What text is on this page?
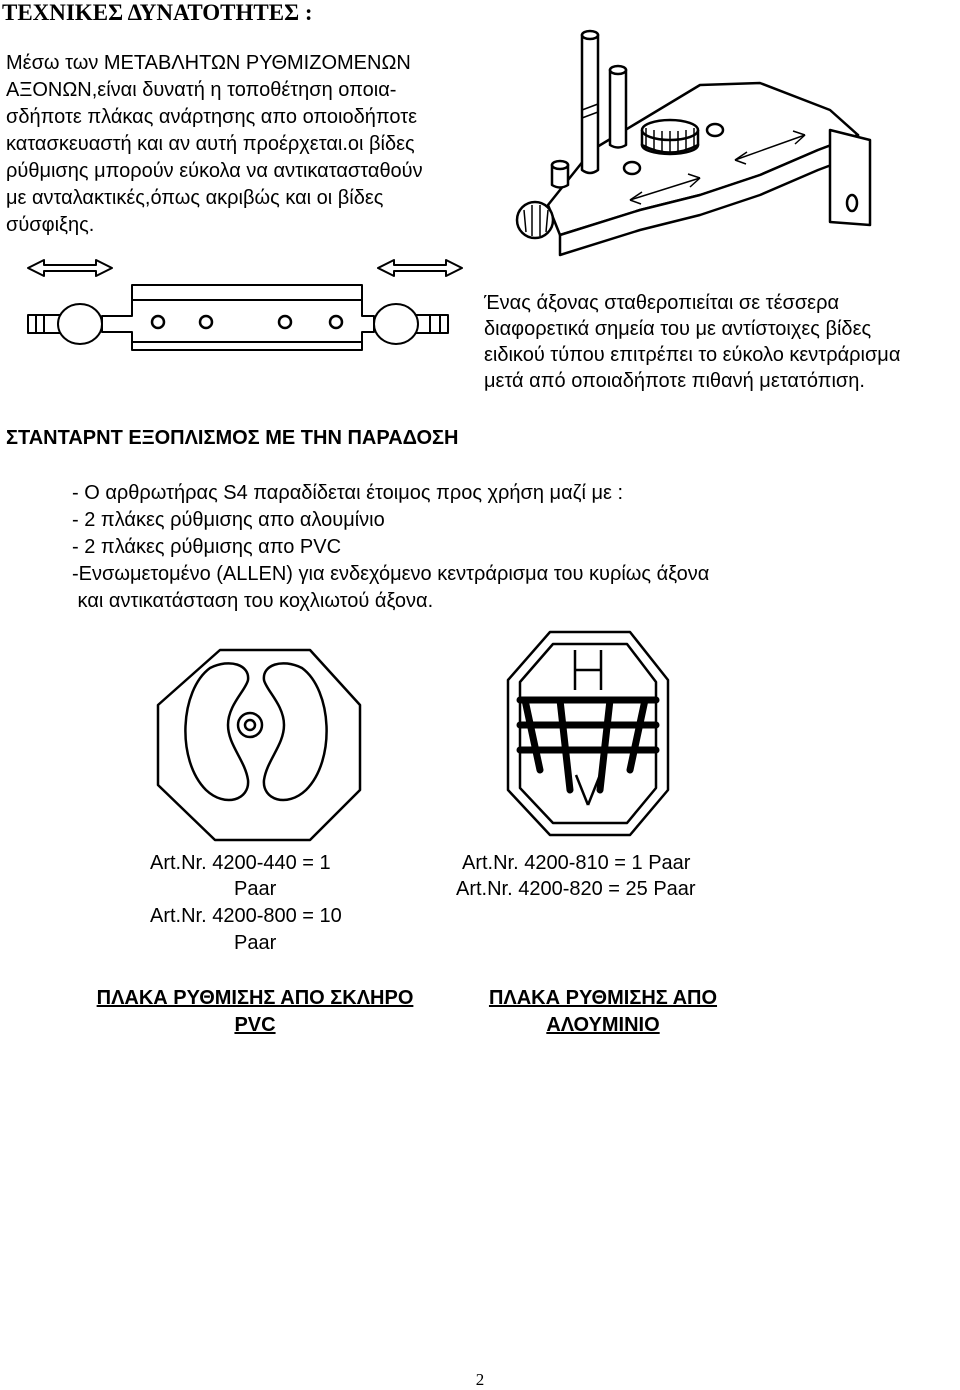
ΤΕΧΝΙΚΕΣ ΔΥΝΑΤΟΤΗΤΕΣ :
Μέσω των ΜΕΤΑΒΛΗΤΩΝ ΡΥΘΜΙΖΟΜΕΝΩΝ
ΑΞΟΝΩΝ,είναι δυνατή η τοποθέτηση οποια-
σδήποτε πλάκας ανάρτησης απο οποιοδήποτε
κατασκευαστή και αν αυτή προέρχεται.οι βίδες
ρύθμισης μπορούν εύκολα να αντικατασταθούν
με ανταλακτικές,όπως ακριβώς και οι βίδες
σύσφιξης.
Ένας άξονας σταθεροπιείται σε τέσσερα
διαφορετικά σημεία του με αντίστοιχες βίδες
ειδικού τύπου επιτρέπει το εύκολο κεντράρισμα
μετά από οποιαδήποτε πιθανή μετατόπιση.
ΣΤΑΝΤΑΡΝΤ ΕΞΟΠΛΙΣΜΟΣ ΜΕ ΤΗΝ ΠΑΡΑΔΟΣΗ
- Ο αρθρωτήρας S4 παραδίδεται έτοιμος προς χρήση μαζί με :
- 2 πλάκες ρύθμισης απο αλουμίνιο
- 2 πλάκες ρύθμισης απο PVC
-Ενσωμετομένο (ALLEN) για ενδεχόμενο κεντράρισμα του κυρίως άξονα
και αντικατάσταση του κοχλιωτού άξονα.
Art.Nr. 4200-440 = 1
Paar
Art.Nr. 4200-800 = 10
Paar
Art.Nr. 4200-810 = 1 Paar
Art.Nr. 4200-820 = 25 Paar
ΠΛΑΚΑ ΡΥΘΜΙΣΗΣ ΑΠΟ ΣΚΛΗΡΟ
PVC
ΠΛΑΚΑ ΡΥΘΜΙΣΗΣ ΑΠΟ
ΑΛΟΥΜΙΝΙΟ
2
